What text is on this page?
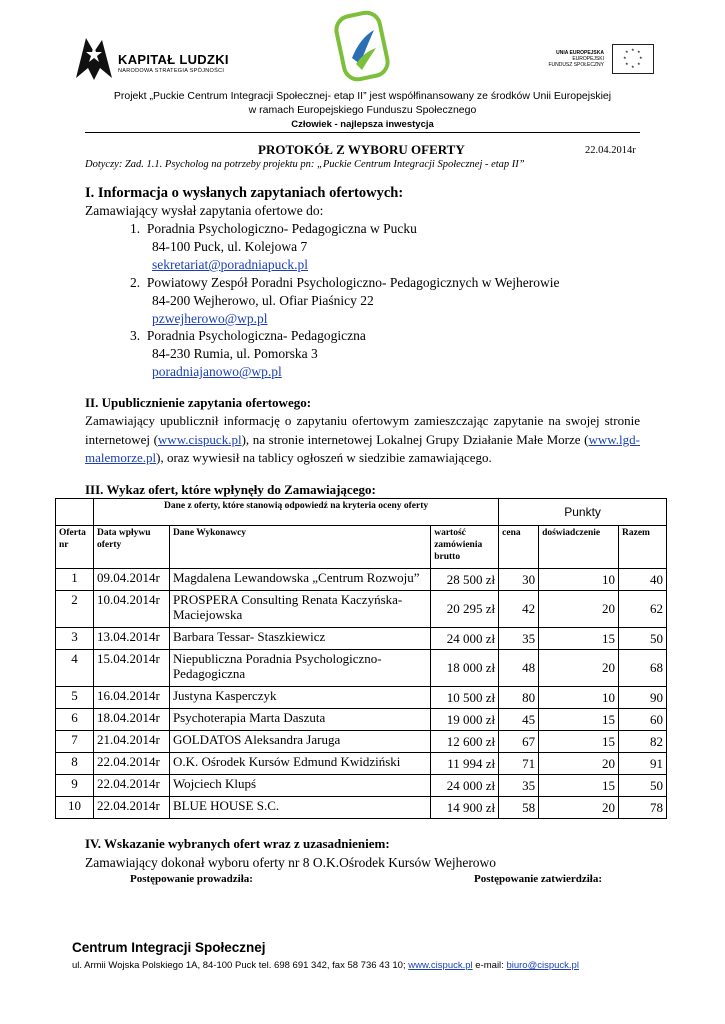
KAPITAŁ LUDZKI
NARODOWA STRATEGIA SPÓJNOŚCI
UNIA EUROPEJSKA
EUROPEJSKI
FUNDUSZ SPOŁECZNY
★ ★
★
★
★
★
★
★
Projekt „Puckie Centrum Integracji Społecznej- etap II” jest współfinansowany ze środków Unii Europejskiej
w ramach Europejskiego Funduszu Społecznego
Człowiek - najlepsza inwestycja
PROTOKÓŁ Z WYBORU OFERTY	22.04.2014r
Dotyczy: Zad. 1.1. Psycholog na potrzeby projektu pn: „Puckie Centrum Integracji Społecznej - etap II”
I. Informacja o wysłanych zapytaniach ofertowych:
Zamawiający wysłał zapytania ofertowe do:
1. Poradnia Psychologiczno- Pedagogiczna w Pucku
84-100 Puck, ul. Kolejowa 7
sekretariat@poradniapuck.pl
2. Powiatowy Zespół Poradni Psychologiczno- Pedagogicznych w Wejherowie
84-200 Wejherowo, ul. Ofiar Piaśnicy 22
pzwejherowo@wp.pl
3. Poradnia Psychologiczna- Pedagogiczna
84-230 Rumia, ul. Pomorska 3
poradniajanowo@wp.pl
II. Upublicznienie zapytania ofertowego:
Zamawiający upublicznił informację o zapytaniu ofertowym zamieszczając zapytanie na swojej stronie internetowej (www.cispuck.pl), na stronie internetowej Lokalnej Grupy Działanie Małe Morze (www.lgd-malemorze.pl), oraz wywiesił na tablicy ogłoszeń w siedzibie zamawiającego.
III. Wykaz ofert, które wpłynęły do Zamawiającego:
	Dane z oferty, które stanowią odpowiedź na kryteria oceny oferty			Punkty		
Oferta nr	Data wpływu oferty	Dane Wykonawcy	wartość zamówienia brutto	cena	doświadczenie	Razem
1	09.04.2014r	Magdalena Lewandowska „Centrum Rozwoju”	28 500 zł	30	10	40
2	10.04.2014r	PROSPERA Consulting Renata Kaczyńska-Maciejowska	20 295 zł	42	20	62
3	13.04.2014r	Barbara Tessar- Staszkiewicz	24 000 zł	35	15	50
4	15.04.2014r	Niepubliczna Poradnia Psychologiczno-Pedagogiczna	18 000 zł	48	20	68
5	16.04.2014r	Justyna Kasperczyk	10 500 zł	80	10	90
6	18.04.2014r	Psychoterapia Marta Daszuta	19 000 zł	45	15	60
7	21.04.2014r	GOLDATOS Aleksandra Jaruga	12 600 zł	67	15	82
8	22.04.2014r	O.K. Ośrodek Kursów Edmund Kwidziński	11 994 zł	71	20	91
9	22.04.2014r	Wojciech Klupś	24 000 zł	35	15	50
10	22.04.2014r	BLUE HOUSE S.C.	14 900 zł	58	20	78
IV. Wskazanie wybranych ofert wraz z uzasadnieniem:
Zamawiający dokonał wyboru oferty nr 8 O.K.Ośrodek Kursów Wejherowo
Postępowanie prowadziła:	Postępowanie zatwierdziła:
Centrum Integracji Społecznej
ul. Armii Wojska Polskiego 1A, 84-100 Puck tel. 698 691 342, fax 58 736 43 10; www.cispuck.pl e-mail: biuro@cispuck.pl
